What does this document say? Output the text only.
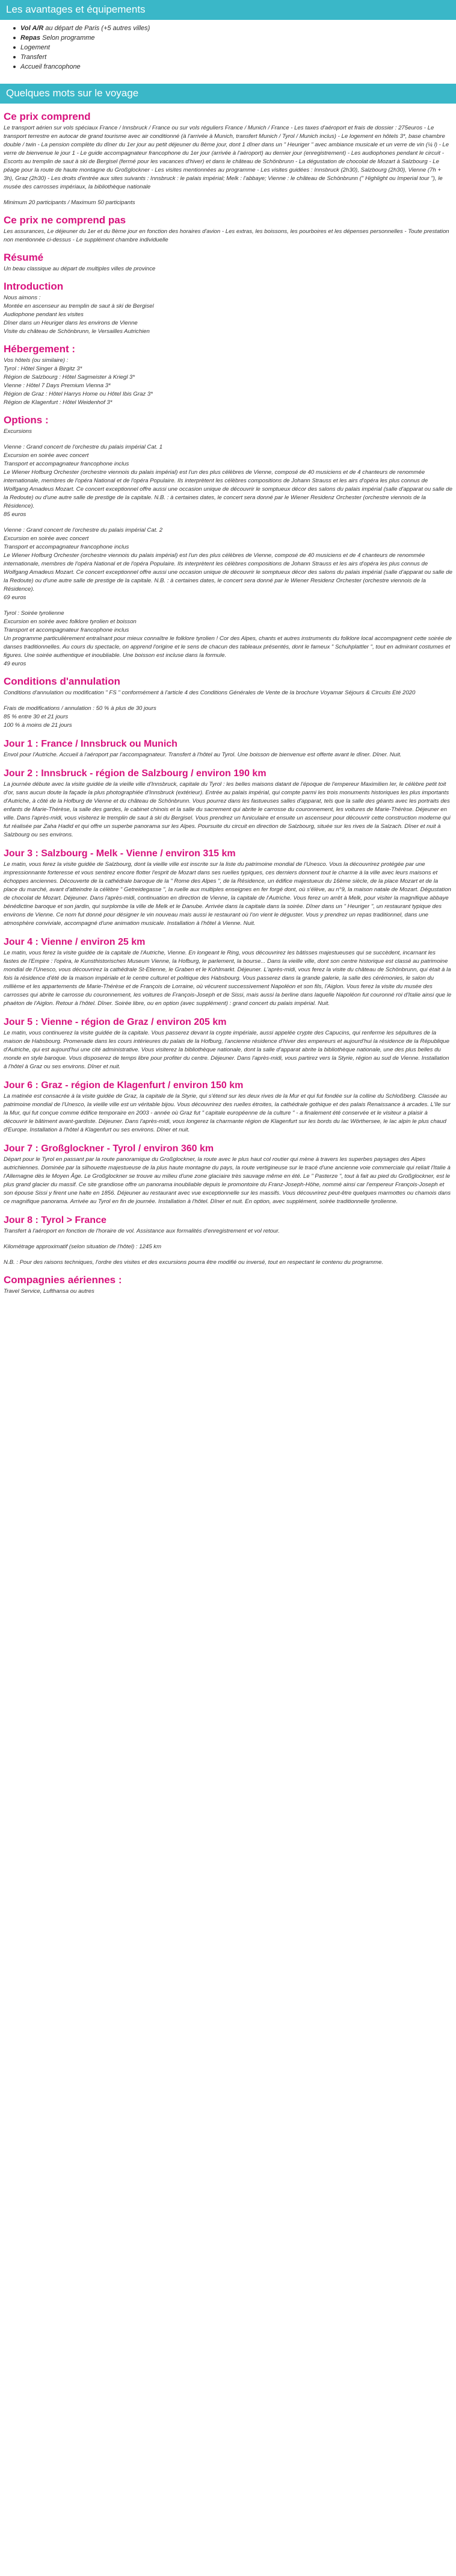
Les avantages et équipements
Vol A/R au départ de Paris (+5 autres villes)
Repas Selon programme
Logement
Transfert
Accueil francophone
Quelques mots sur le voyage
Ce prix comprend

Le transport aérien sur vols spéciaux France / Innsbruck / France ou sur vols réguliers France / Munich / France - Les taxes d'aéroport et frais de dossier : 275euros - Le transport terrestre en autocar de grand tourisme avec air conditionné (à l'arrivée à Munich, transfert Munich / Tyrol / Munich inclus) - Le logement en hôtels 3*, base chambre double / twin - La pension complète du dîner du 1er jour au petit déjeuner du 8ème jour, dont 1 dîner dans un " Heuriger " avec ambiance musicale et un verre de vin (¼ l) - Le verre de bienvenue le jour 1 - Le guide accompagnateur francophone du 1er jour (arrivée à l'aéroport) au dernier jour (enregistrement) - Les audiophones pendant le circuit - Escorts au tremplin de saut à ski de Bergisel (fermé pour les vacances d'hiver) et dans le château de Schönbrunn - La dégustation de chocolat de Mozart à Salzbourg - Le péage pour la route de haute montagne du Großglockner - Les visites mentionnées au programme - Les visites guidées : Innsbruck (2h30), Salzbourg (2h30), Vienne (7h + 3h), Graz (2h30) - Les droits d'entrée aux sites suivants : Innsbruck : le palais impérial; Melk : l'abbaye; Vienne : le château de Schönbrunn (" Highlight ou Imperial tour "), le musée des carrosses impériaux, la bibliothèque nationale

Minimum 20 participants / Maximum 50 participants

Ce prix ne comprend pas

Les assurances, Le déjeuner du 1er et du 8ème jour en fonction des horaires d'avion - Les extras, les boissons, les pourboires et les dépenses personnelles - Toute prestation non mentionnée ci-dessus - Le supplément chambre individuelle

Résumé

Un beau classique au départ de multiples villes de province

Introduction

Nous aimons :

Montée en ascenseur au tremplin de saut à ski de Bergisel

Audiophone pendant les visites

Dîner dans un Heuriger dans les environs de Vienne

Visite du château de Schönbrunn, le Versailles Autrichien

Hébergement :

Vos hôtels (ou similaire) :

Tyrol : Hôtel Singer à Birgitz 3*

Région de Salzbourg : Hôtel Sagmeister à Kriegl 3*

Vienne : Hôtel 7 Days Premium Vienna 3*

Région de Graz : Hôtel Harrys Home ou Hôtel Ibis Graz 3*

Région de Klagenfurt : Hôtel Weidenhof 3*

Options :

Excursions

Vienne : Grand concert de l'orchestre du palais impérial Cat. 1

Excursion en soirée avec concert

Transport et accompagnateur francophone inclus

Le Wiener Hofburg Orchester (orchestre viennois du palais impérial) est l'un des plus célèbres de Vienne, composé de 40 musiciens et de 4 chanteurs de renommée internationale, membres de l'opéra National et de l'opéra Populaire. Ils interprètent les célèbres compositions de Johann Strauss et les airs d'opéra les plus connus de Wolfgang Amadeus Mozart. Ce concert exceptionnel offre aussi une occasion unique de découvrir le somptueux décor des salons du palais impérial (salle d'apparat ou salle de la Redoute) ou d'une autre salle de prestige de la capitale. N.B. : à certaines dates, le concert sera donné par le Wiener Residenz Orchester (orchestre viennois de la Résidence).

85 euros

Vienne : Grand concert de l'orchestre du palais impérial Cat. 2

Excursion en soirée avec concert

Transport et accompagnateur francophone inclus

Le Wiener Hofburg Orchester (orchestre viennois du palais impérial) est l'un des plus célèbres de Vienne, composé de 40 musiciens et de 4 chanteurs de renommée internationale, membres de l'opéra National et de l'opéra Populaire. Ils interprètent les célèbres compositions de Johann Strauss et les airs d'opéra les plus connus de Wolfgang Amadeus Mozart. Ce concert exceptionnel offre aussi une occasion unique de découvrir le somptueux décor des salons du palais impérial (salle d'apparat ou salle de la Redoute) ou d'une autre salle de prestige de la capitale. N.B. : à certaines dates, le concert sera donné par le Wiener Residenz Orchester (orchestre viennois de la Résidence).

69 euros

Tyrol : Soirée tyrolienne

Excursion en soirée avec folklore tyrolien et boisson

Transport et accompagnateur francophone inclus

Un programme particulièrement entraînant pour mieux connaître le folklore tyrolien ! Cor des Alpes, chants et autres instruments du folklore local accompagnent cette soirée de danses traditionnelles. Au cours du spectacle, on apprend l'origine et le sens de chacun des tableaux présentés, dont le fameux " Schuhplattler ", tout en admirant costumes et figures. Une soirée authentique et inoubliable. Une boisson est incluse dans la formule.

49 euros

Conditions d'annulation

Conditions d'annulation ou modification " FS " conformément à l'article 4 des Conditions Générales de Vente de la brochure Voyamar Séjours & Circuits Eté 2020

Frais de modifications / annulation : 50 % à plus de 30 jours

85 % entre 30 et 21 jours

100 % à moins de 21 jours

Jour 1 : France / Innsbruck ou Munich

Envol pour l'Autriche. Accueil à l'aéroport par l'accompagnateur. Transfert à l'hôtel au Tyrol. Une boisson de bienvenue est offerte avant le dîner. Dîner. Nuit.

Jour 2 : Innsbruck - région de Salzbourg / environ 190 km

La journée débute avec la visite guidée de la vieille ville d'Innsbruck, capitale du Tyrol : les belles maisons datant de l'époque de l'empereur Maximilien Ier, le célèbre petit toit d'or, sans aucun doute la façade la plus photographiée d'Innsbruck (extérieur). Entrée au palais impérial, qui compte parmi les trois monuments historiques les plus importants d'Autriche, à côté de la Hofburg de Vienne et du château de Schönbrunn. Vous pourrez dans les fastueuses salles d'apparat, tels que la salle des géants avec les portraits des enfants de Marie-Thérèse, la salle des gardes, le cabinet chinois et la salle du sacrement qui abrite le carrosse du couronnement, les voitures de Marie-Thérèse. Déjeuner en ville. Dans l'après-midi, vous visiterez le tremplin de saut à ski du Bergisel. Vous prendrez un funiculaire et ensuite un ascenseur pour découvrir cette construction moderne qui fut réalisée par Zaha Hadid et qui offre un superbe panorama sur les Alpes. Poursuite du circuit en direction de Salzbourg, située sur les rives de la Salzach. Dîner et nuit à Salzbourg ou ses environs.

Jour 3 : Salzbourg - Melk - Vienne / environ 315 km

Le matin, vous ferez la visite guidée de Salzbourg, dont la vieille ville est inscrite sur la liste du patrimoine mondial de l'Unesco. Vous la découvrirez protégée par une impressionnante forteresse et vous sentirez encore flotter l'esprit de Mozart dans ses ruelles typiques, ces derniers donnent tout le charme à la ville avec leurs maisons et échoppes anciennes. Découverte de la cathédrale baroque de la " Rome des Alpes ", de la Résidence, un édifice majestueux du 16ème siècle, de la place Mozart et de la place du marché, avant d'atteindre la célèbre " Getreidegasse ", la ruelle aux multiples enseignes en fer forgé dont, où s'élève, au n°9, la maison natale de Mozart. Dégustation de chocolat de Mozart. Déjeuner. Dans l'après-midi, continuation en direction de Vienne, la capitale de l'Autriche. Vous ferez un arrêt à Melk, pour visiter la magnifique abbaye bénédictine baroque et son jardin, qui surplombe la ville de Melk et le Danube. Arrivée dans la capitale dans la soirée. Dîner dans un " Heuriger ", un restaurant typique des environs de Vienne. Ce nom fut donné pour désigner le vin nouveau mais aussi le restaurant où l'on vient le déguster. Vous y prendrez un repas traditionnel, dans une atmosphère conviviale, accompagné d'une animation musicale. Installation à l'hôtel à Vienne. Nuit.

Jour 4 : Vienne / environ 25 km

Le matin, vous ferez la visite guidée de la capitale de l'Autriche, Vienne. En longeant le Ring, vous découvrirez les bâtisses majestueuses qui se succèdent, incarnant les fastes de l'Empire : l'opéra, le Kunsthistorisches Museum Vienne, la Hofburg, le parlement, la bourse... Dans la vieille ville, dont son centre historique est classé au patrimoine mondial de l'Unesco, vous découvrirez la cathédrale St-Etienne, le Graben et le Kohlmarkt. Déjeuner. L'après-midi, vous ferez la visite du château de Schönbrunn, qui était à la fois la résidence d'été de la maison impériale et le centre culturel et politique des Habsbourg. Vous passerez dans la grande galerie, la salle des cérémonies, le salon du millième et les appartements de Marie-Thérèse et de François de Lorraine, où vécurent successivement Napoléon et son fils, l'Aiglon. Vous ferez la visite du musée des carrosses qui abrite le carrosse du couronnement, les voitures de François-Joseph et de Sissi, mais aussi la berline dans laquelle Napoléon fut couronné roi d'Italie ainsi que le phaéton de l'Aiglon. Retour à l'hôtel. Dîner. Soirée libre, ou en option (avec supplément) : grand concert du palais impérial. Nuit.

Jour 5 : Vienne - région de Graz / environ 205 km

Le matin, vous continuerez la visite guidée de la capitale. Vous passerez devant la crypte impériale, aussi appelée crypte des Capucins, qui renferme les sépultures de la maison de Habsbourg. Promenade dans les cours intérieures du palais de la Hofburg, l'ancienne résidence d'hiver des empereurs et aujourd'hui la résidence de la République d'Autriche, qui est aujourd'hui une cité administrative. Vous visiterez la bibliothèque nationale, dont la salle d'apparat abrite la bibliothèque nationale, une des plus belles du monde en style baroque. Vous disposerez de temps libre pour profiter du centre. Déjeuner. Dans l'après-midi, vous partirez vers la Styrie, région au sud de Vienne. Installation à l'hôtel à Graz ou ses environs. Dîner et nuit.

Jour 6 : Graz - région de Klagenfurt / environ 150 km

La matinée est consacrée à la visite guidée de Graz, la capitale de la Styrie, qui s'étend sur les deux rives de la Mur et qui fut fondée sur la colline du Schloßberg. Classée au patrimoine mondial de l'Unesco, la vieille ville est un véritable bijou. Vous découvrirez des ruelles étroites, la cathédrale gothique et des palais Renaissance à arcades. L'île sur la Mur, qui fut conçue comme édifice temporaire en 2003 - année où Graz fut " capitale européenne de la culture " - a finalement été conservée et le visiteur a plaisir à découvrir le bâtiment avant-gardiste. Déjeuner. Dans l'après-midi, vous longerez la charmante région de Klagenfurt sur les bords du lac Wörthersee, le lac alpin le plus chaud d'Europe. Installation à l'hôtel à Klagenfurt ou ses environs. Dîner et nuit.

Jour 7 : Großglockner - Tyrol / environ 360 km

Départ pour le Tyrol en passant par la route panoramique du Großglockner, la route avec le plus haut col routier qui mène à travers les superbes paysages des Alpes autrichiennes. Dominée par la silhouette majestueuse de la plus haute montagne du pays, la route vertigineuse sur le tracé d'une ancienne voie commerciale qui reliait l'Italie à l'Allemagne dès le Moyen Âge. Le Großglockner se trouve au milieu d'une zone glaciaire très sauvage même en été. Le " Pasterze ", tout à fait au pied du Großglockner, est le plus grand glacier du massif. Ce site grandiose offre un panorama inoubliable depuis le promontoire du Franz-Joseph-Höhe, nommé ainsi car l'empereur François-Joseph et son épouse Sissi y firent une halte en 1856. Déjeuner au restaurant avec vue exceptionnelle sur les massifs. Vous découvrirez peut-être quelques marmottes ou chamois dans ce magnifique panorama. Arrivée au Tyrol en fin de journée. Installation à l'hôtel. Dîner et nuit. En option, avec supplément, soirée traditionnelle tyrolienne.

Jour 8 : Tyrol > France

Transfert à l'aéroport en fonction de l'horaire de vol. Assistance aux formalités d'enregistrement et vol retour.

Kilométrage approximatif (selon situation de l'hôtel) : 1245 km

N.B. : Pour des raisons techniques, l'ordre des visites et des excursions pourra être modifié ou inversé, tout en respectant le contenu du programme.

Compagnies aériennes :

Travel Service, Lufthansa ou autres
